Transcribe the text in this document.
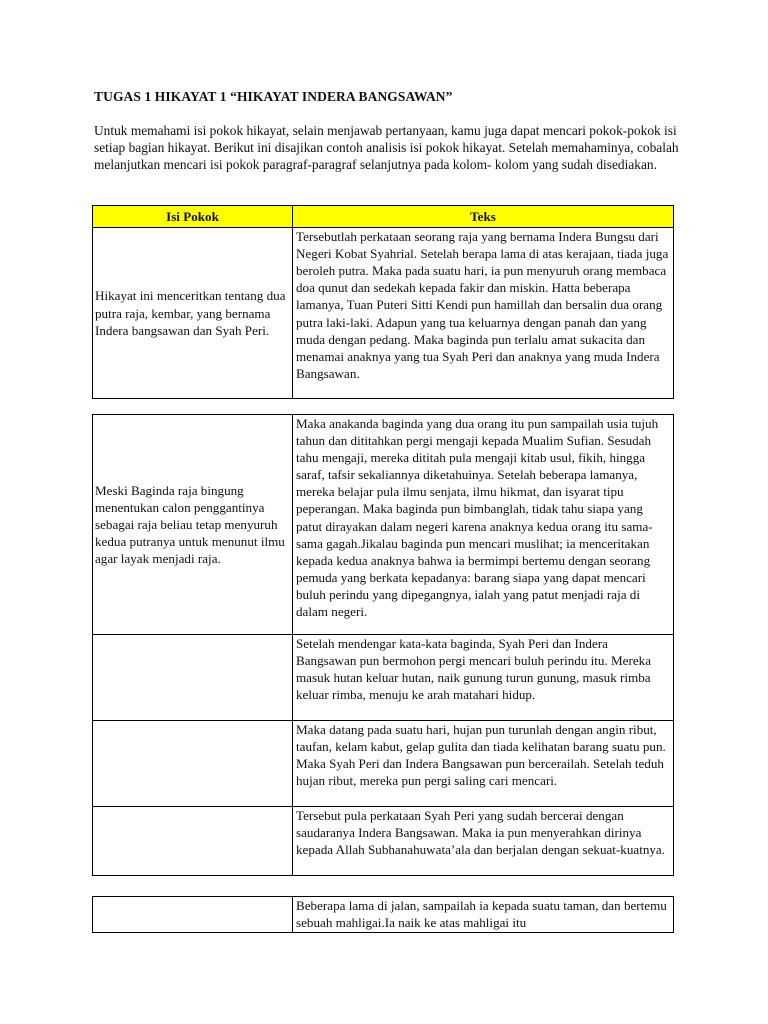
TUGAS 1 HIKAYAT 1 “HIKAYAT INDERA BANGSAWAN”
Untuk memahami isi pokok hikayat, selain menjawab pertanyaan, kamu juga dapat mencari pokok-pokok isi setiap bagian hikayat. Berikut ini disajikan contoh analisis isi pokok hikayat. Setelah memahaminya, cobalah melanjutkan mencari isi pokok paragraf-paragraf selanjutnya pada kolom- kolom yang sudah disediakan.
Isi Pokok	Teks
Hikayat ini menceritkan tentang dua putra raja, kembar, yang bernama Indera bangsawan dan Syah Peri.	Tersebutlah perkataan seorang raja yang bernama Indera Bungsu dari Negeri Kobat Syahrial. Setelah berapa lama di atas kerajaan, tiada juga beroleh putra. Maka pada suatu hari, ia pun menyuruh orang membaca doa qunut dan sedekah kepada fakir dan miskin. Hatta beberapa lamanya, Tuan Puteri Sitti Kendi pun hamillah dan bersalin dua orang putra laki-laki. Adapun yang tua keluarnya dengan panah dan yang muda dengan pedang. Maka baginda pun terlalu amat sukacita dan menamai anaknya yang tua Syah Peri dan anaknya yang muda Indera Bangsawan.
Meski Baginda raja bingung menentukan calon penggantinya sebagai raja beliau tetap menyuruh kedua putranya untuk menunut ilmu agar layak menjadi raja.	Maka anakanda baginda yang dua orang itu pun sampailah usia tujuh tahun dan dititahkan pergi mengaji kepada Mualim Sufian. Sesudah tahu mengaji, mereka dititah pula mengaji kitab usul, fikih, hingga saraf, tafsir sekaliannya diketahuinya. Setelah beberapa lamanya, mereka belajar pula ilmu senjata, ilmu hikmat, dan isyarat tipu peperangan. Maka baginda pun bimbanglah, tidak tahu siapa yang patut dirayakan dalam negeri karena anaknya kedua orang itu sama-sama gagah.Jikalau baginda pun mencari muslihat; ia menceritakan kepada kedua anaknya bahwa ia bermimpi bertemu dengan seorang pemuda yang berkata kepadanya: barang siapa yang dapat mencari buluh perindu yang dipegangnya, ialah yang patut menjadi raja di dalam negeri.
	Setelah mendengar kata-kata baginda, Syah Peri dan Indera Bangsawan pun bermohon pergi mencari buluh perindu itu. Mereka masuk hutan keluar hutan, naik gunung turun gunung, masuk rimba keluar rimba, menuju ke arah matahari hidup.
	Maka datang pada suatu hari, hujan pun turunlah dengan angin ribut, taufan, kelam kabut, gelap gulita dan tiada kelihatan barang suatu pun. Maka Syah Peri dan Indera Bangsawan pun bercerailah. Setelah teduh hujan ribut, mereka pun pergi saling cari mencari.
	Tersebut pula perkataan Syah Peri yang sudah bercerai dengan saudaranya Indera Bangsawan. Maka ia pun menyerahkan dirinya kepada Allah Subhanahuwata’ala dan berjalan dengan sekuat-kuatnya.
	Beberapa lama di jalan, sampailah ia kepada suatu taman, dan bertemu sebuah mahligai.Ia naik ke atas mahligai itu
